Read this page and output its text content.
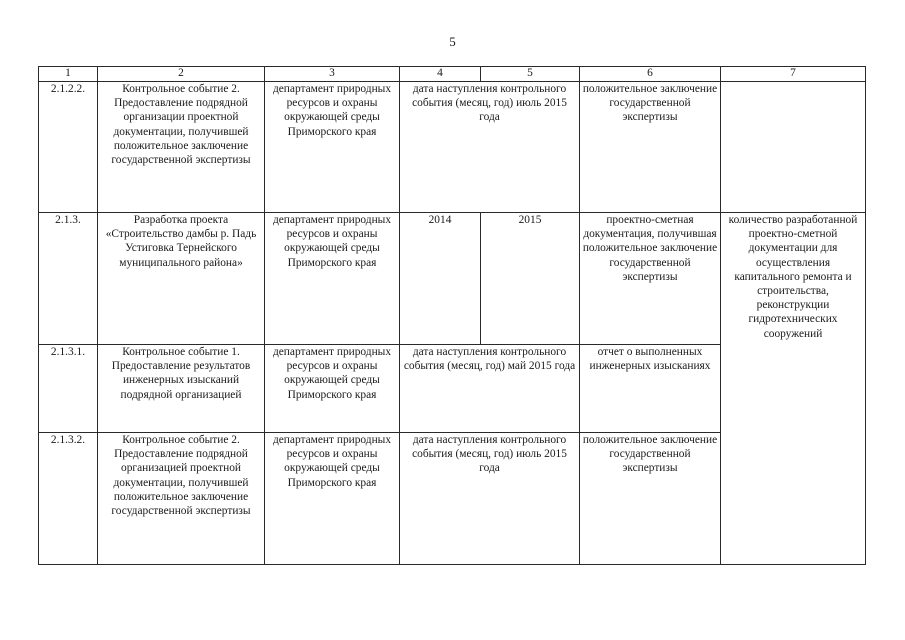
5
1	2	3	4	5	6	7
2.1.2.2.	Контрольное событие 2. Предоставление подрядной организации проектной документации, получившей положительное заключение государственной экспертизы	департамент природных ресурсов и охраны окружающей среды Приморского края	дата наступления контрольного события (месяц, год) июль 2015 года		положительное заключение государственной экспертизы	
2.1.3.	Разработка проекта «Строительство дамбы р. Падь Устиговка Тернейского муниципального района»	департамент природных ресурсов и охраны окружающей среды Приморского края	2014	2015	проектно-сметная документация, получившая положительное заключение государственной экспертизы	количество разработанной проектно-сметной документации для осуществления капитального ремонта и строительства, реконструкции гидротехнических сооружений
2.1.3.1.	Контрольное событие 1. Предоставление результатов инженерных изысканий подрядной организацией	департамент природных ресурсов и охраны окружающей среды Приморского края	дата наступления контрольного события (месяц, год) май 2015 года		отчет о выполненных инженерных изысканиях	
2.1.3.2.	Контрольное событие 2. Предоставление подрядной организацией проектной документации, получившей положительное заключение государственной экспертизы	департамент природных ресурсов и охраны окружающей среды Приморского края	дата наступления контрольного события (месяц, год) июль 2015 года		положительное заключение государственной экспертизы	
